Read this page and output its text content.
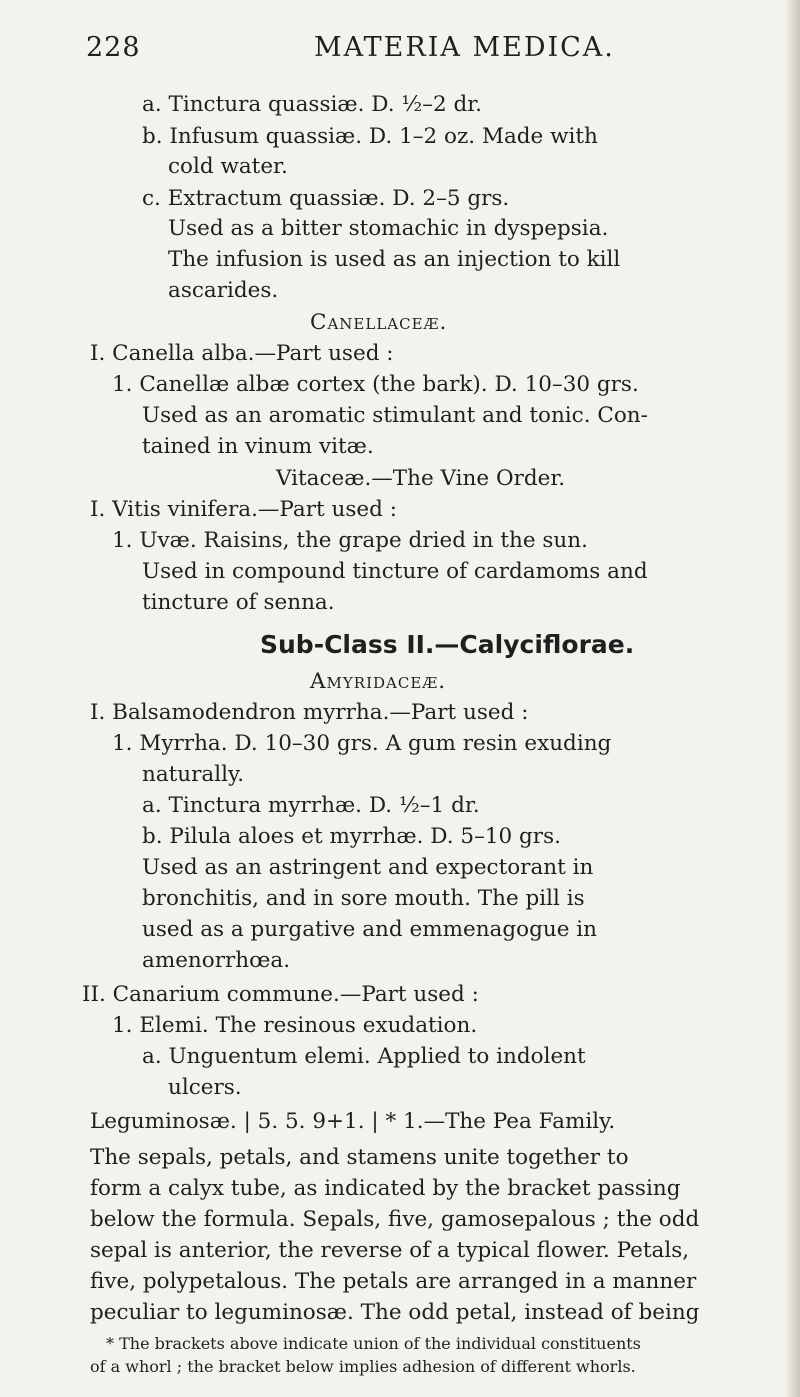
228	MATERIA MEDICA.
a. Tinctura quassiæ. D. ½–2 dr.
b. Infusum quassiæ. D. 1–2 oz. Made with
cold water.
c. Extractum quassiæ. D. 2–5 grs.
Used as a bitter stomachic in dyspepsia.
The infusion is used as an injection to kill
ascarides.
Canellaceæ.
I. Canella alba.—Part used :
1. Canellæ albæ cortex (the bark). D. 10–30 grs.
Used as an aromatic stimulant and tonic. Con-
tained in vinum vitæ.
Vitaceæ.—The Vine Order.
I. Vitis vinifera.—Part used :
1. Uvæ. Raisins, the grape dried in the sun.
Used in compound tincture of cardamoms and
tincture of senna.
Sub-Class II.—Calyciflorae.
Amyridaceæ.
I. Balsamodendron myrrha.—Part used :
1. Myrrha. D. 10–30 grs. A gum resin exuding
naturally.
a. Tinctura myrrhæ. D. ½–1 dr.
b. Pilula aloes et myrrhæ. D. 5–10 grs.
Used as an astringent and expectorant in
bronchitis, and in sore mouth. The pill is
used as a purgative and emmenagogue in
amenorrhœa.
II. Canarium commune.—Part used :
1. Elemi. The resinous exudation.
a. Unguentum elemi. Applied to indolent
ulcers.
Leguminosæ. | 5. 5. 9+1. | * 1.—The Pea Family.
The sepals, petals, and stamens unite together to
form a calyx tube, as indicated by the bracket passing
below the formula. Sepals, five, gamosepalous ; the odd
sepal is anterior, the reverse of a typical flower. Petals,
five, polypetalous. The petals are arranged in a manner
peculiar to leguminosæ. The odd petal, instead of being
* The brackets above indicate union of the individual constituents
of a whorl ; the bracket below implies adhesion of different whorls.
